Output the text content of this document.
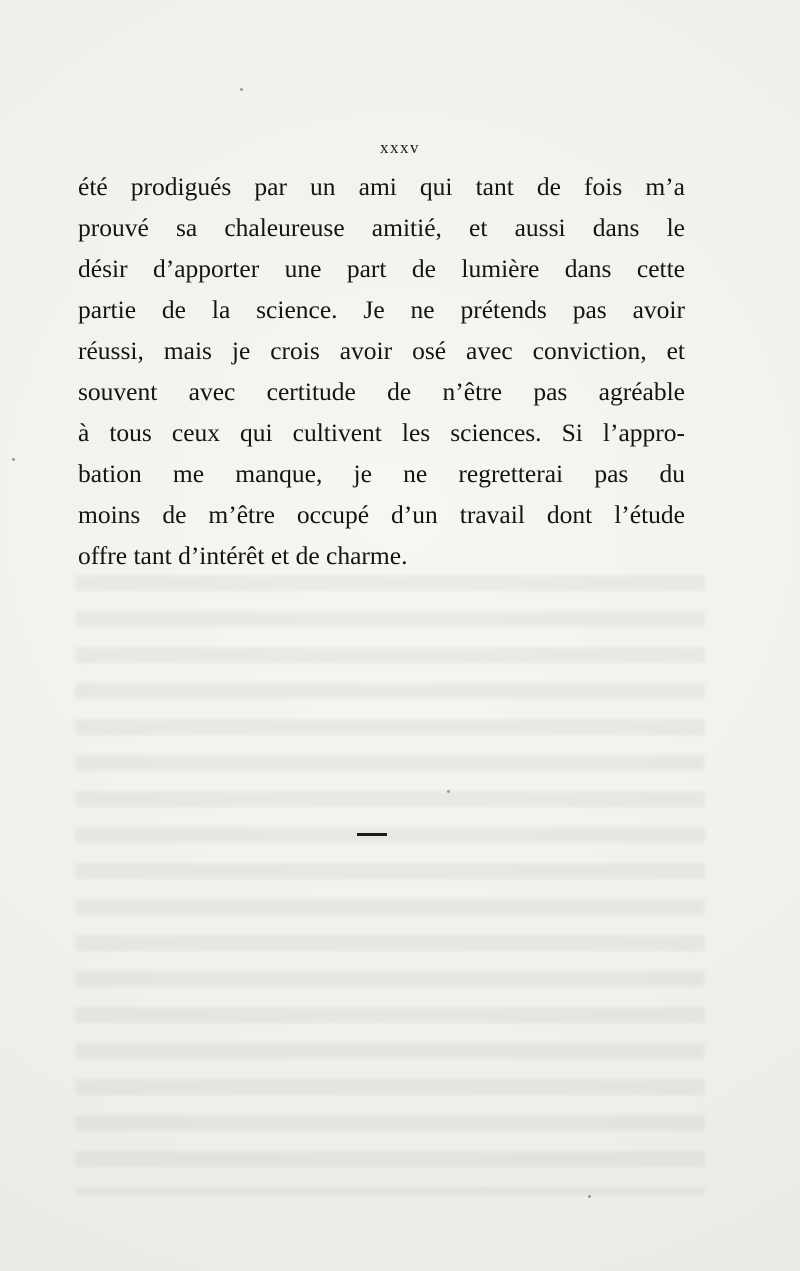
xxxv
été prodigués par un ami qui tant de fois m’a
prouvé sa chaleureuse amitié, et aussi dans le
désir d’apporter une part de lumière dans cette
partie de la science. Je ne prétends pas avoir
réussi, mais je crois avoir osé avec conviction, et
souvent avec certitude de n’être pas agréable
à tous ceux qui cultivent les sciences. Si l’appro-
bation me manque, je ne regretterai pas du
moins de m’être occupé d’un travail dont l’étude
offre tant d’intérêt et de charme.
